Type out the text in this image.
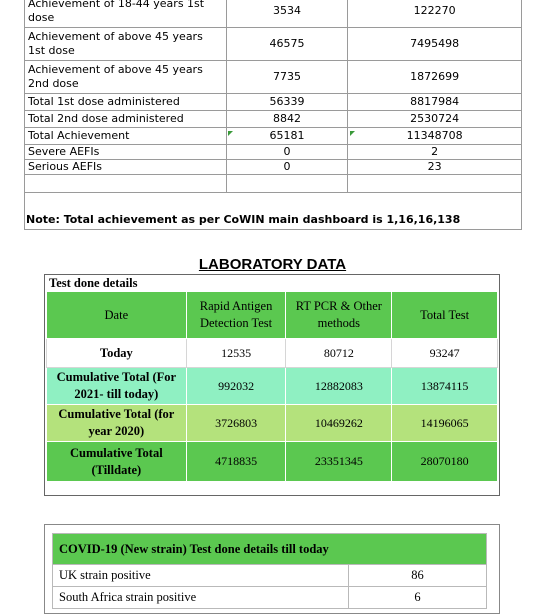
Achievement of 18-44 years 1st dose	3534	122270
Achievement of above 45 years 1st dose	46575	7495498
Achievement of above 45 years 2nd dose	7735	1872699
Total 1st dose administered	56339	8817984
Total 2nd dose administered	8842	2530724
Total Achievement	65181	11348708
Severe AEFIs	0	2
Serious AEFIs	0	23

Note: Total achievement as per CoWIN main dashboard is 1,16,16,138
LABORATORY DATA
Test done details
Date	Rapid Antigen Detection Test	RT PCR & Other methods	Total Test
Today	12535	80712	93247
Cumulative Total (For 2021- till today)	992032	12882083	13874115
Cumulative Total (for year 2020)	3726803	10469262	14196065
Cumulative Total (Tilldate)	4718835	23351345	28070180
COVID-19 (New strain) Test done details till today	
UK strain positive	86
South Africa strain positive	6
